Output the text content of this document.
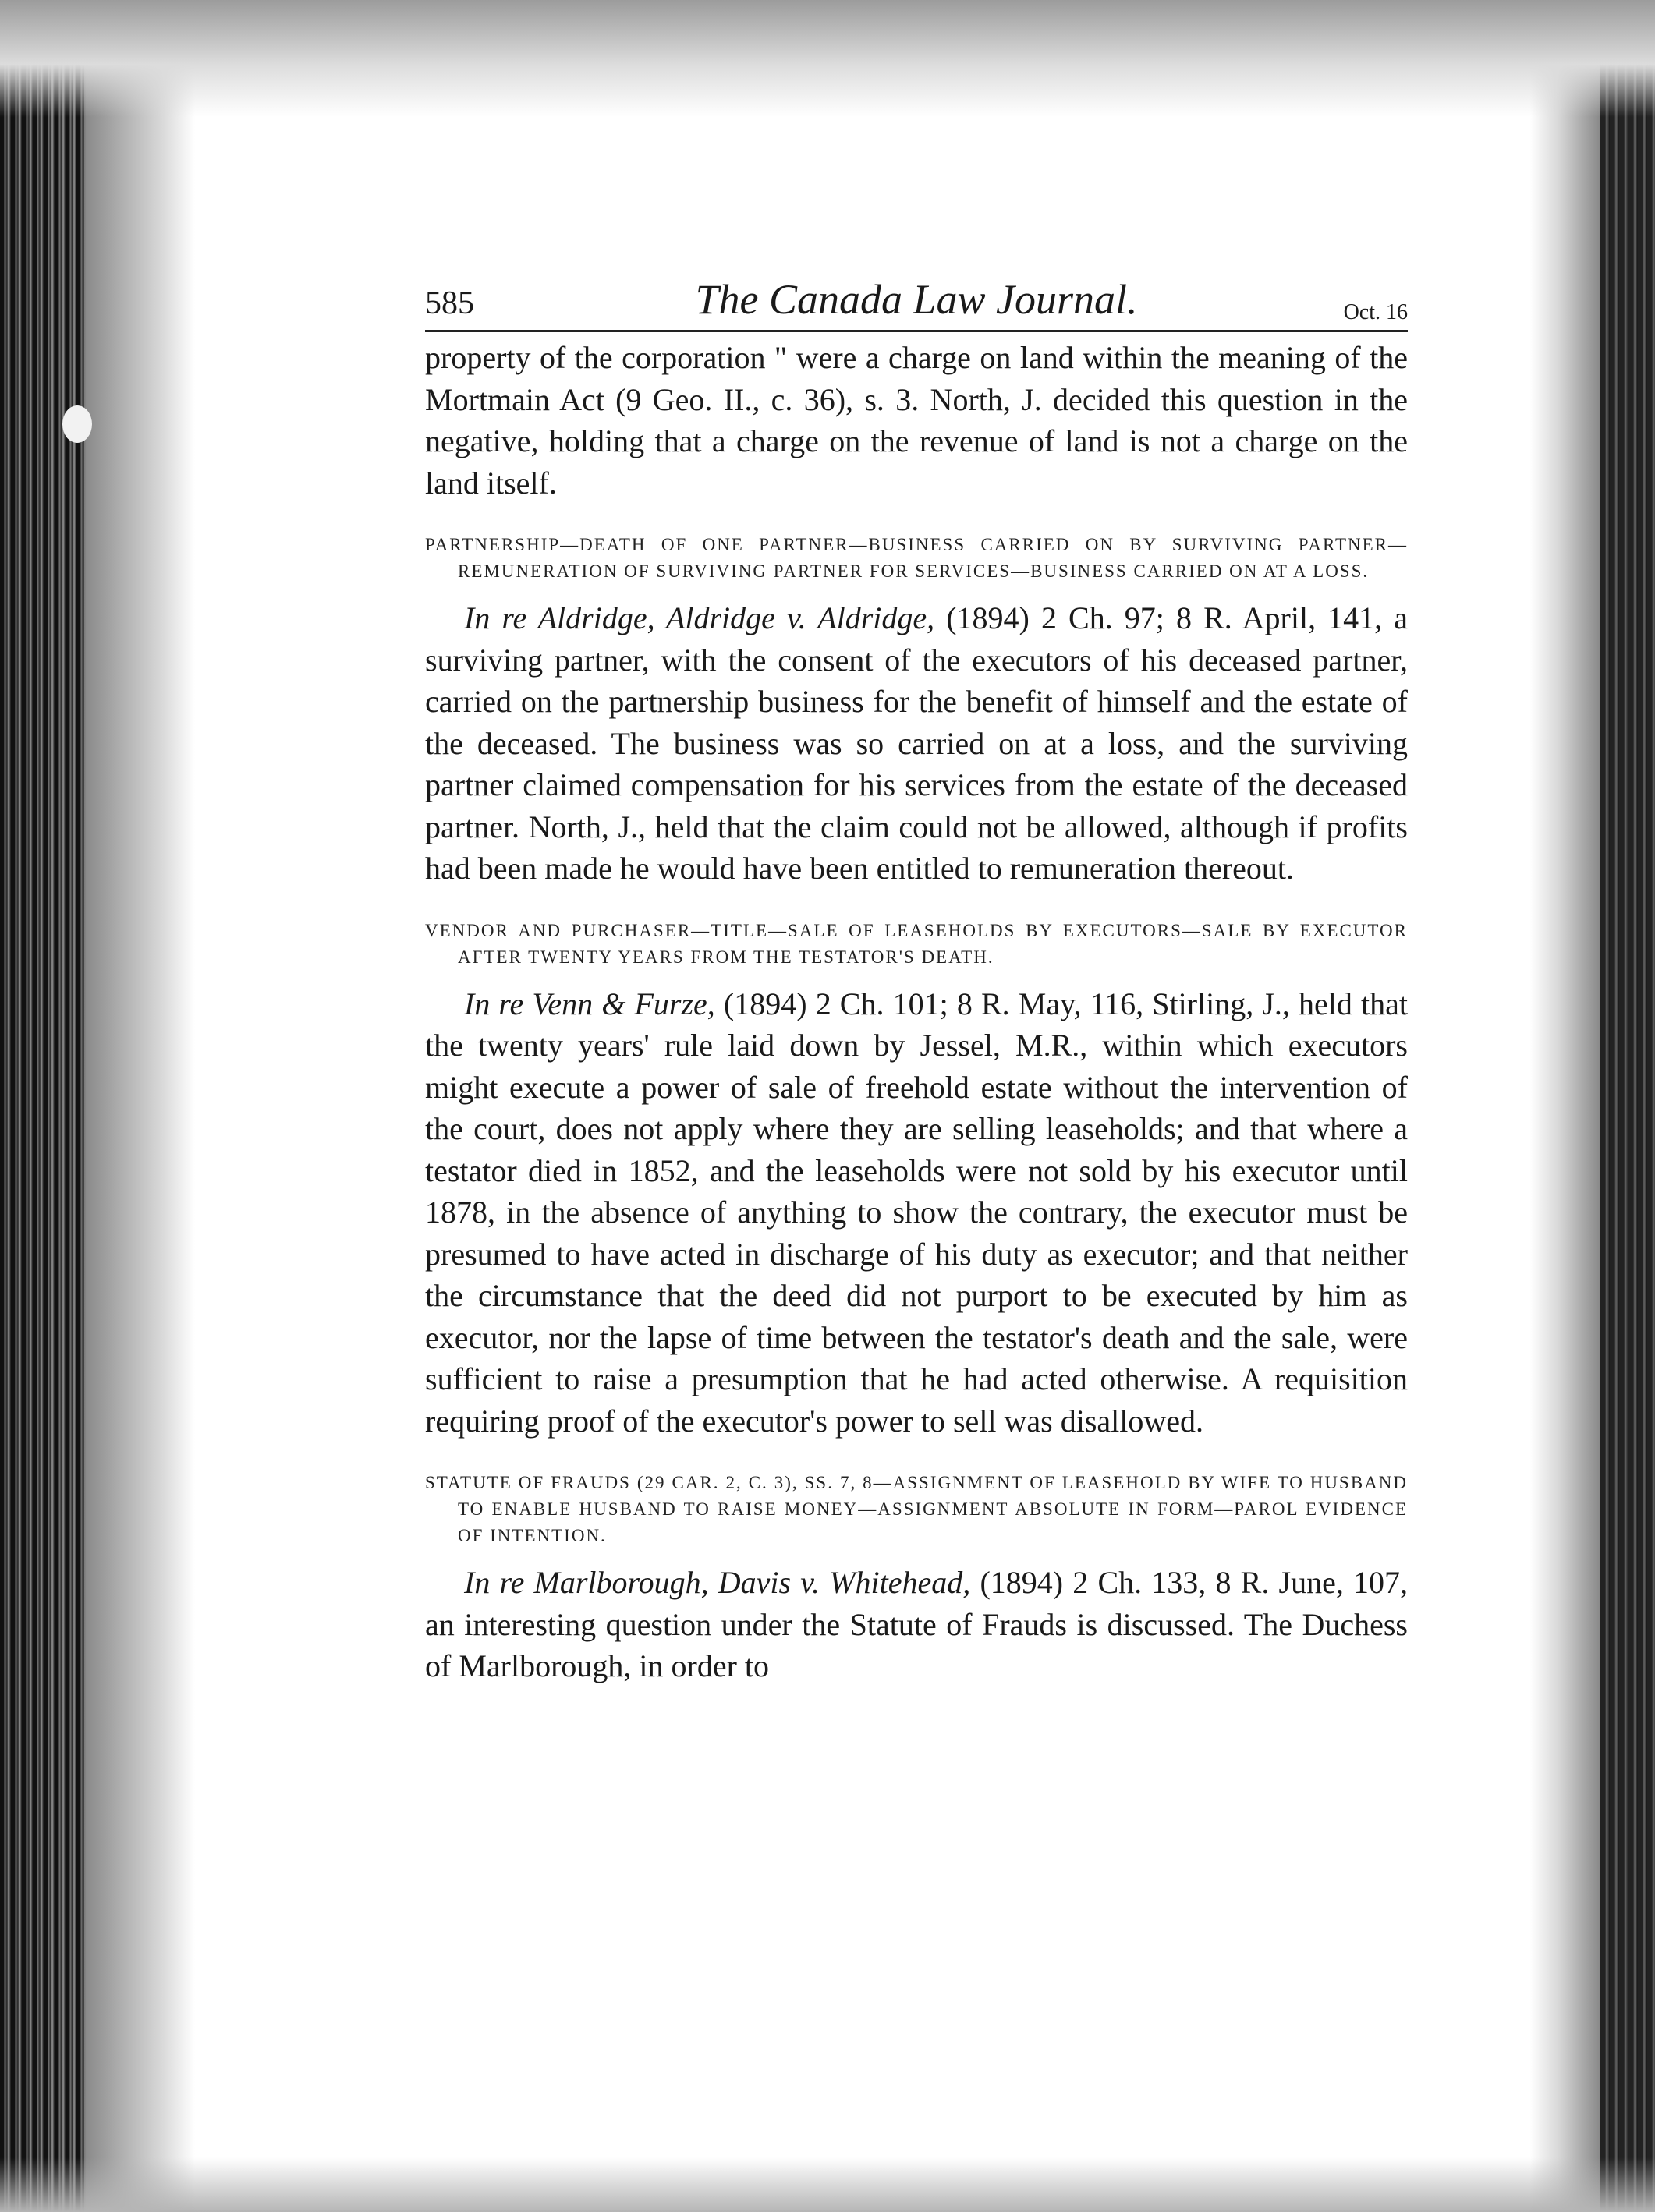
585	The Canada Law Journal.	Oct. 16

property of the corporation " were a charge on land within the meaning of the Mortmain Act (9 Geo. II., c. 36), s. 3. North, J. decided this question in the negative, holding that a charge on the revenue of land is not a charge on the land itself.

PARTNERSHIP—DEATH OF ONE PARTNER—BUSINESS CARRIED ON BY SURVIVING PARTNER—REMUNERATION OF SURVIVING PARTNER FOR SERVICES—BUSINESS CARRIED ON AT A LOSS.

In re Aldridge, Aldridge v. Aldridge, (1894) 2 Ch. 97; 8 R. April, 141, a surviving partner, with the consent of the executors of his deceased partner, carried on the partnership business for the benefit of himself and the estate of the deceased. The business was so carried on at a loss, and the surviving partner claimed compensation for his services from the estate of the deceased partner. North, J., held that the claim could not be allowed, although if profits had been made he would have been entitled to remuneration thereout.

VENDOR AND PURCHASER—TITLE—SALE OF LEASEHOLDS BY EXECUTORS—SALE BY EXECUTOR AFTER TWENTY YEARS FROM THE TESTATOR'S DEATH.

In re Venn & Furze, (1894) 2 Ch. 101; 8 R. May, 116, Stirling, J., held that the twenty years' rule laid down by Jessel, M.R., within which executors might execute a power of sale of freehold estate without the intervention of the court, does not apply where they are selling leaseholds; and that where a testator died in 1852, and the leaseholds were not sold by his executor until 1878, in the absence of anything to show the contrary, the executor must be presumed to have acted in discharge of his duty as executor; and that neither the circumstance that the deed did not purport to be executed by him as executor, nor the lapse of time between the testator's death and the sale, were sufficient to raise a presumption that he had acted otherwise. A requisition requiring proof of the executor's power to sell was disallowed.

STATUTE OF FRAUDS (29 CAR. 2, C. 3), SS. 7, 8—ASSIGNMENT OF LEASEHOLD BY WIFE TO HUSBAND TO ENABLE HUSBAND TO RAISE MONEY—ASSIGNMENT ABSOLUTE IN FORM—PAROL EVIDENCE OF INTENTION.

In re Marlborough, Davis v. Whitehead, (1894) 2 Ch. 133, 8 R. June, 107, an interesting question under the Statute of Frauds is discussed. The Duchess of Marlborough, in order to
